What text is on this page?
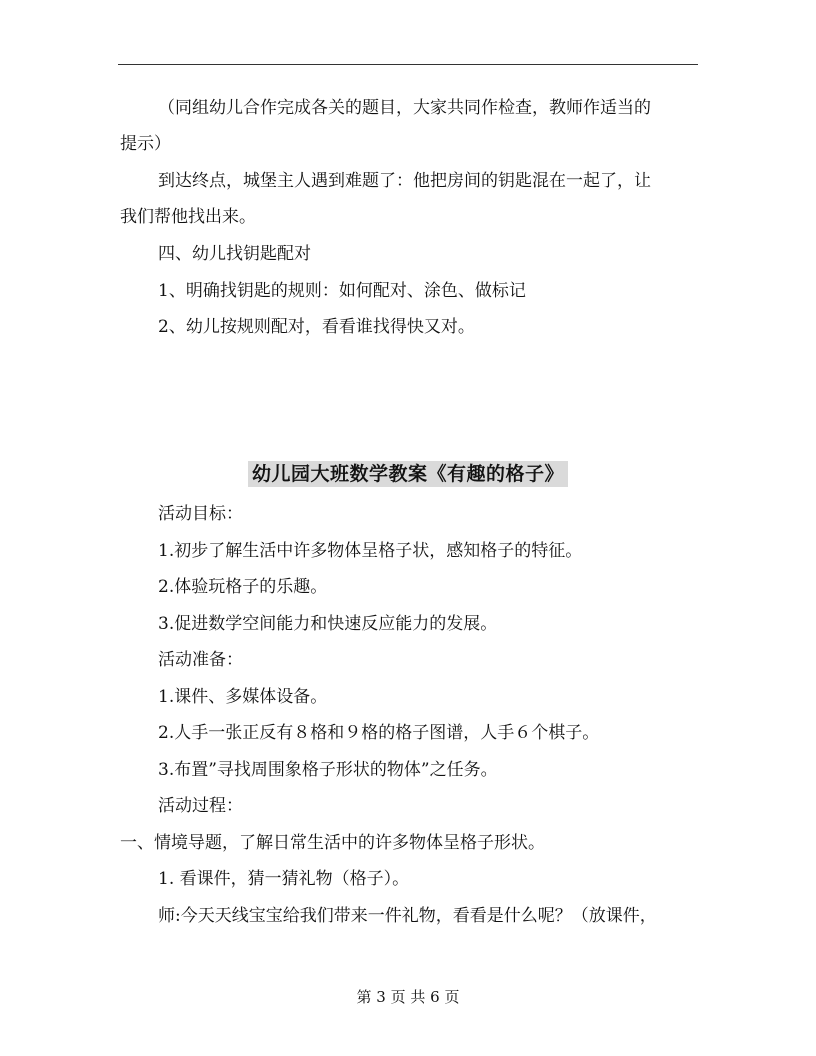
（同组幼儿合作完成各关的题目，大家共同作检查，教师作适当的
提示）
到达终点，城堡主人遇到难题了：他把房间的钥匙混在一起了，让
我们帮他找出来。
四、幼儿找钥匙配对
1、明确找钥匙的规则：如何配对、涂色、做标记
2、幼儿按规则配对，看看谁找得快又对。
幼儿园大班数学教案《有趣的格子》
活动目标：
1.初步了解生活中许多物体呈格子状，感知格子的特征。
2.体验玩格子的乐趣。
3.促进数学空间能力和快速反应能力的发展。
活动准备：
1.课件、多媒体设备。
2.人手一张正反有８格和９格的格子图谱，人手６个棋子。
3.布置”寻找周围象格子形状的物体”之任务。
活动过程：
一、情境导题，了解日常生活中的许多物体呈格子形状。
1. 看课件，猜一猜礼物（格子）。
师:今天天线宝宝给我们带来一件礼物，看看是什么呢？（放课件，
第 3 页 共 6 页
